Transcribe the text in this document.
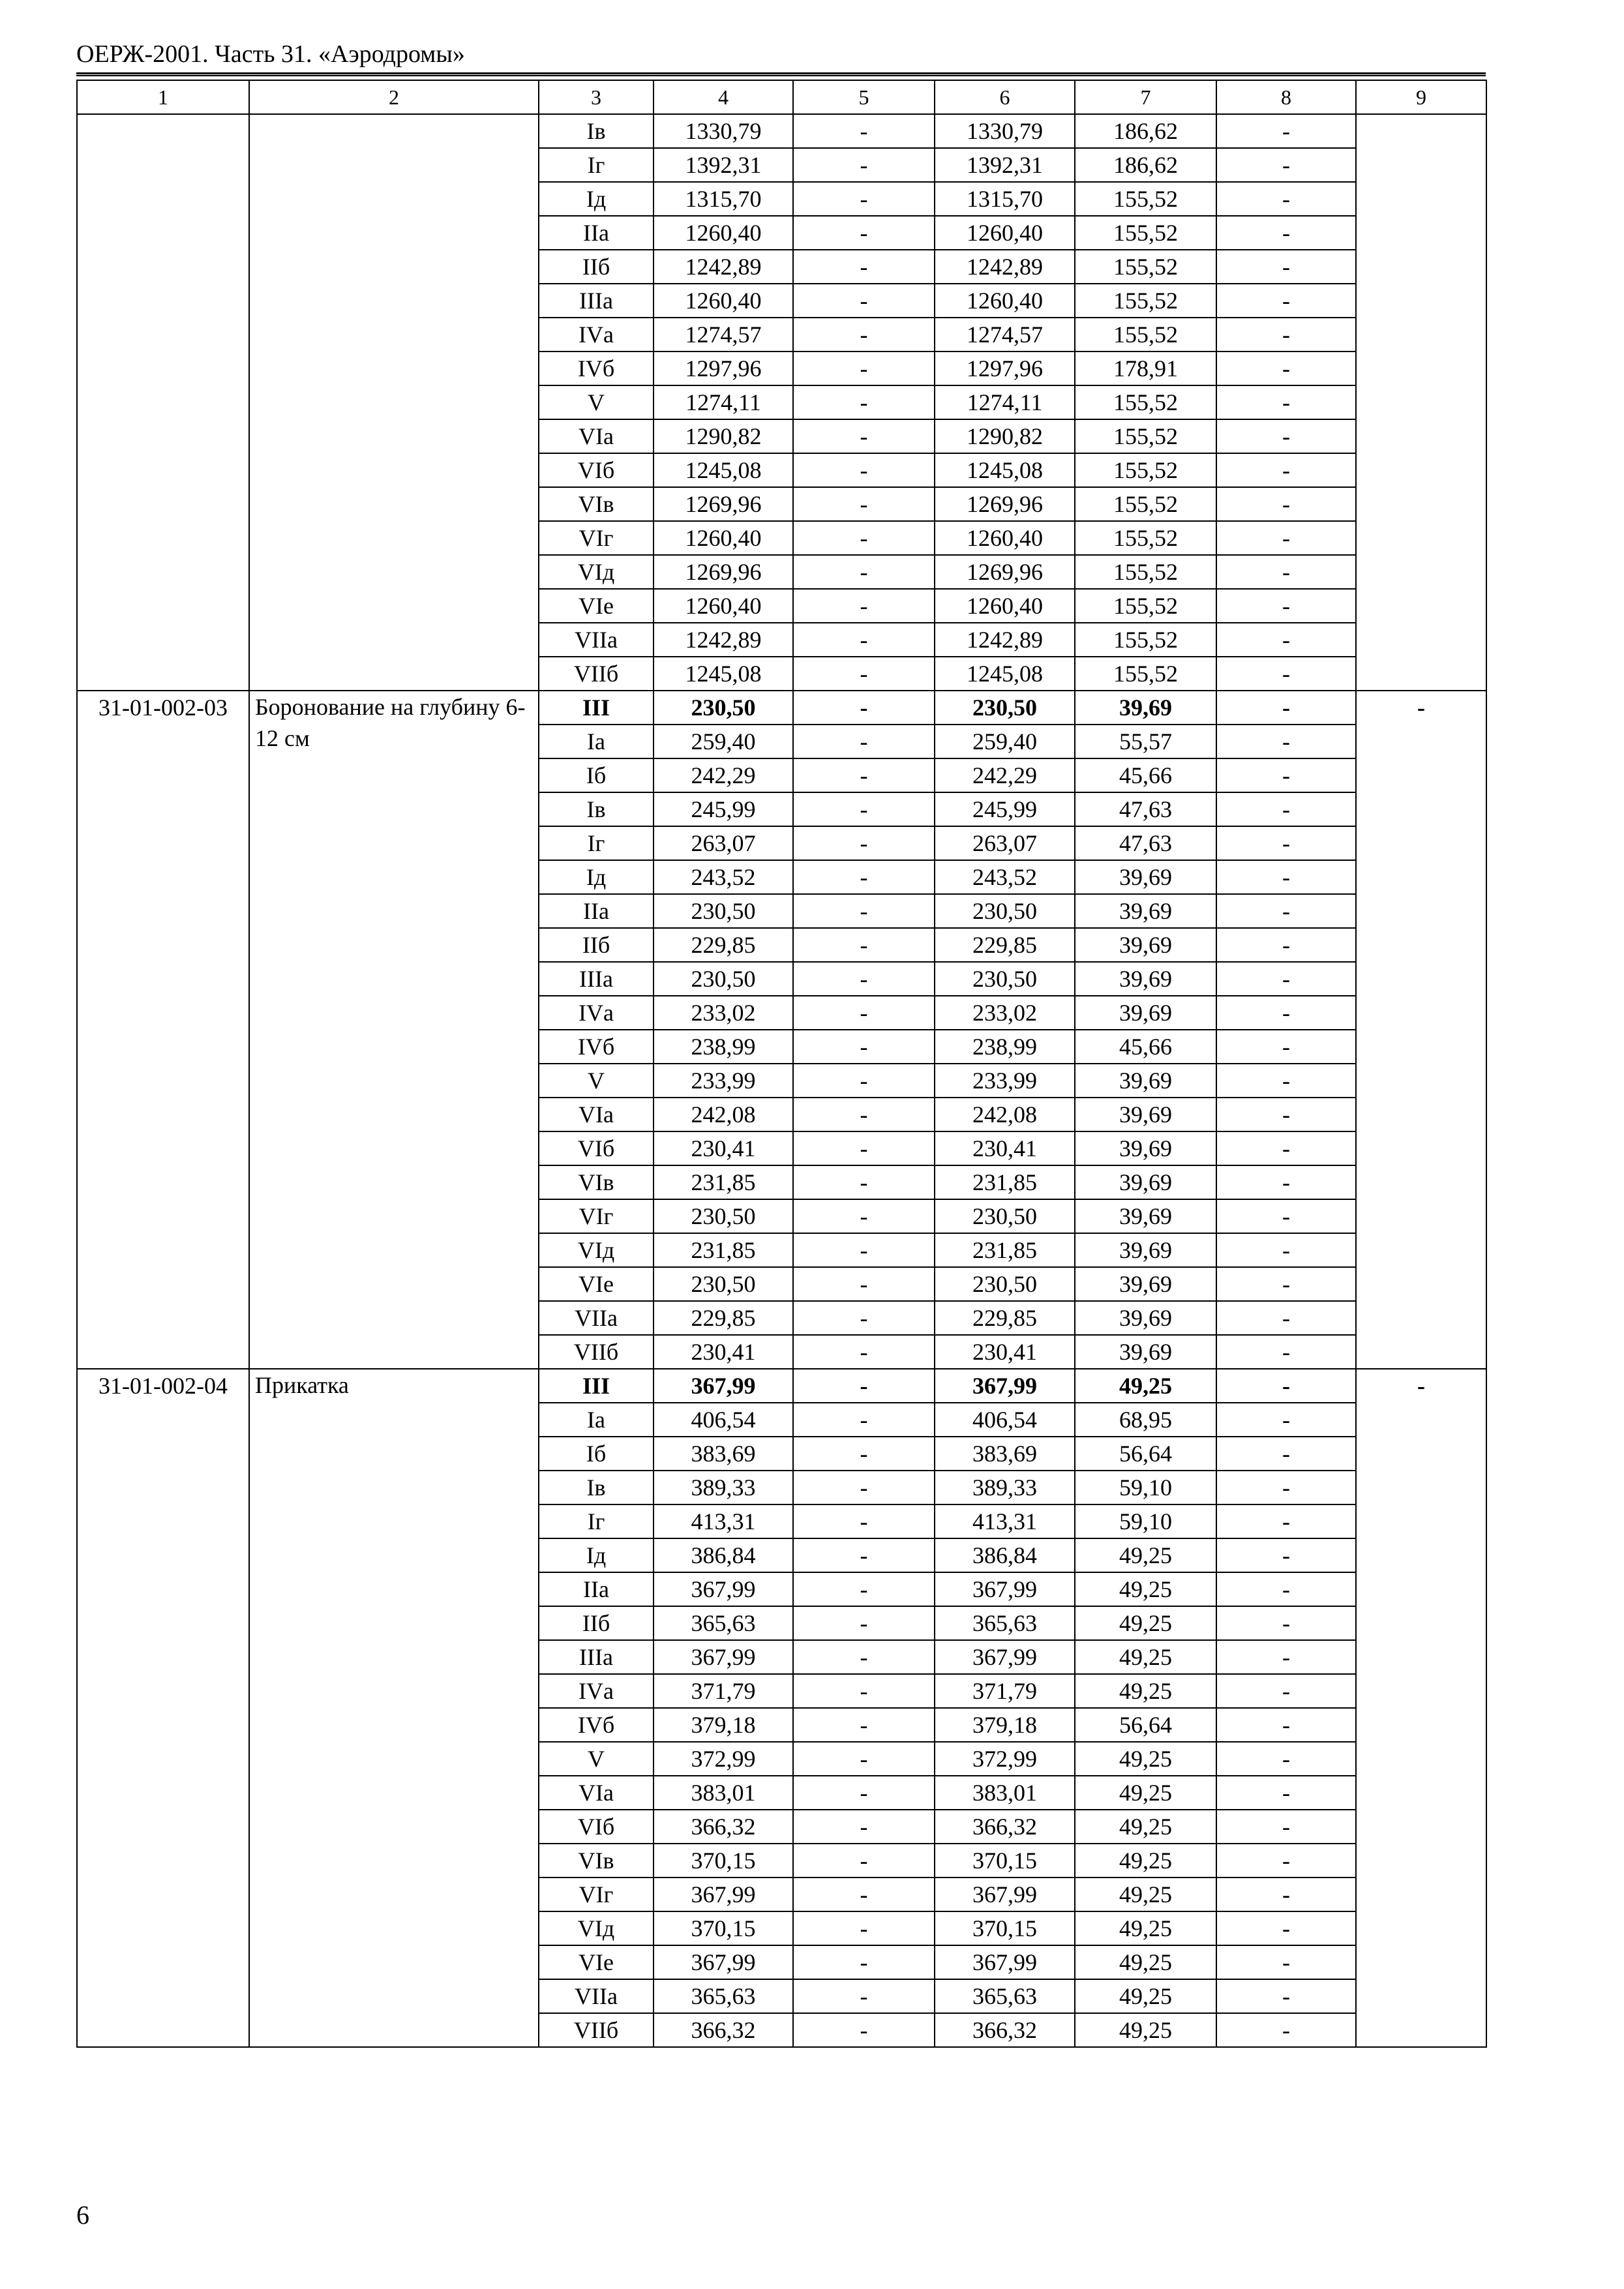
ОЕРЖ-2001. Часть 31. «Аэродромы»
1	2	3	4	5	6	7	8	9
		Iв	1330,79	-	1330,79	186,62	-	
		Iг	1392,31	-	1392,31	186,62	-	
		Iд	1315,70	-	1315,70	155,52	-	
		IIа	1260,40	-	1260,40	155,52	-	
		IIб	1242,89	-	1242,89	155,52	-	
		IIIа	1260,40	-	1260,40	155,52	-	
		IVа	1274,57	-	1274,57	155,52	-	
		IVб	1297,96	-	1297,96	178,91	-	
		V	1274,11	-	1274,11	155,52	-	
		VIа	1290,82	-	1290,82	155,52	-	
		VIб	1245,08	-	1245,08	155,52	-	
		VIв	1269,96	-	1269,96	155,52	-	
		VIг	1260,40	-	1260,40	155,52	-	
		VIд	1269,96	-	1269,96	155,52	-	
		VIе	1260,40	-	1260,40	155,52	-	
		VIIа	1242,89	-	1242,89	155,52	-	
		VIIб	1245,08	-	1245,08	155,52	-	
31-01-002-03	Боронование на глубину 6-12 см	III	230,50	-	230,50	39,69	-	-
		Iа	259,40	-	259,40	55,57	-	
		Iб	242,29	-	242,29	45,66	-	
		Iв	245,99	-	245,99	47,63	-	
		Iг	263,07	-	263,07	47,63	-	
		Iд	243,52	-	243,52	39,69	-	
		IIа	230,50	-	230,50	39,69	-	
		IIб	229,85	-	229,85	39,69	-	
		IIIа	230,50	-	230,50	39,69	-	
		IVа	233,02	-	233,02	39,69	-	
		IVб	238,99	-	238,99	45,66	-	
		V	233,99	-	233,99	39,69	-	
		VIа	242,08	-	242,08	39,69	-	
		VIб	230,41	-	230,41	39,69	-	
		VIв	231,85	-	231,85	39,69	-	
		VIг	230,50	-	230,50	39,69	-	
		VIд	231,85	-	231,85	39,69	-	
		VIе	230,50	-	230,50	39,69	-	
		VIIа	229,85	-	229,85	39,69	-	
		VIIб	230,41	-	230,41	39,69	-	
31-01-002-04	Прикатка	III	367,99	-	367,99	49,25	-	-
		Iа	406,54	-	406,54	68,95	-	
		Iб	383,69	-	383,69	56,64	-	
		Iв	389,33	-	389,33	59,10	-	
		Iг	413,31	-	413,31	59,10	-	
		Iд	386,84	-	386,84	49,25	-	
		IIа	367,99	-	367,99	49,25	-	
		IIб	365,63	-	365,63	49,25	-	
		IIIа	367,99	-	367,99	49,25	-	
		IVа	371,79	-	371,79	49,25	-	
		IVб	379,18	-	379,18	56,64	-	
		V	372,99	-	372,99	49,25	-	
		VIа	383,01	-	383,01	49,25	-	
		VIб	366,32	-	366,32	49,25	-	
		VIв	370,15	-	370,15	49,25	-	
		VIг	367,99	-	367,99	49,25	-	
		VIд	370,15	-	370,15	49,25	-	
		VIе	367,99	-	367,99	49,25	-	
		VIIа	365,63	-	365,63	49,25	-	
		VIIб	366,32	-	366,32	49,25	-	
6
